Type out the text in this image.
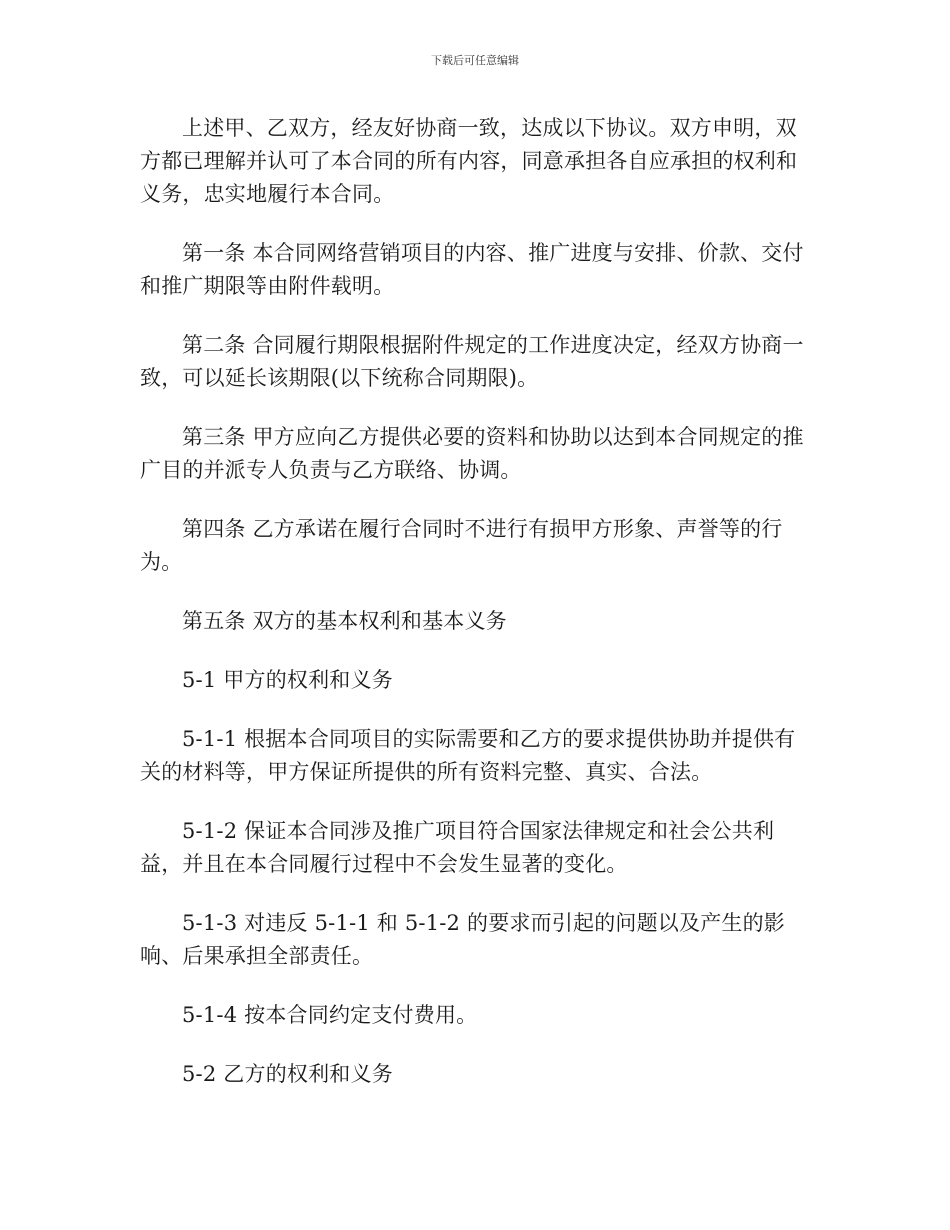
下载后可任意编辑

上述甲、乙双方，经友好协商一致，达成以下协议。双方申明，双方都已理解并认可了本合同的所有内容，同意承担各自应承担的权利和义务，忠实地履行本合同。

第一条 本合同网络营销项目的内容、推广进度与安排、价款、交付和推广期限等由附件载明。

第二条 合同履行期限根据附件规定的工作进度决定，经双方协商一致，可以延长该期限(以下统称合同期限)。

第三条 甲方应向乙方提供必要的资料和协助以达到本合同规定的推广目的并派专人负责与乙方联络、协调。

第四条 乙方承诺在履行合同时不进行有损甲方形象、声誉等的行为。

第五条 双方的基本权利和基本义务

5-1 甲方的权利和义务

5-1-1 根据本合同项目的实际需要和乙方的要求提供协助并提供有关的材料等，甲方保证所提供的所有资料完整、真实、合法。

5-1-2 保证本合同涉及推广项目符合国家法律规定和社会公共利益，并且在本合同履行过程中不会发生显著的变化。

5-1-3 对违反 5-1-1 和 5-1-2 的要求而引起的问题以及产生的影响、后果承担全部责任。

5-1-4 按本合同约定支付费用。

5-2 乙方的权利和义务
